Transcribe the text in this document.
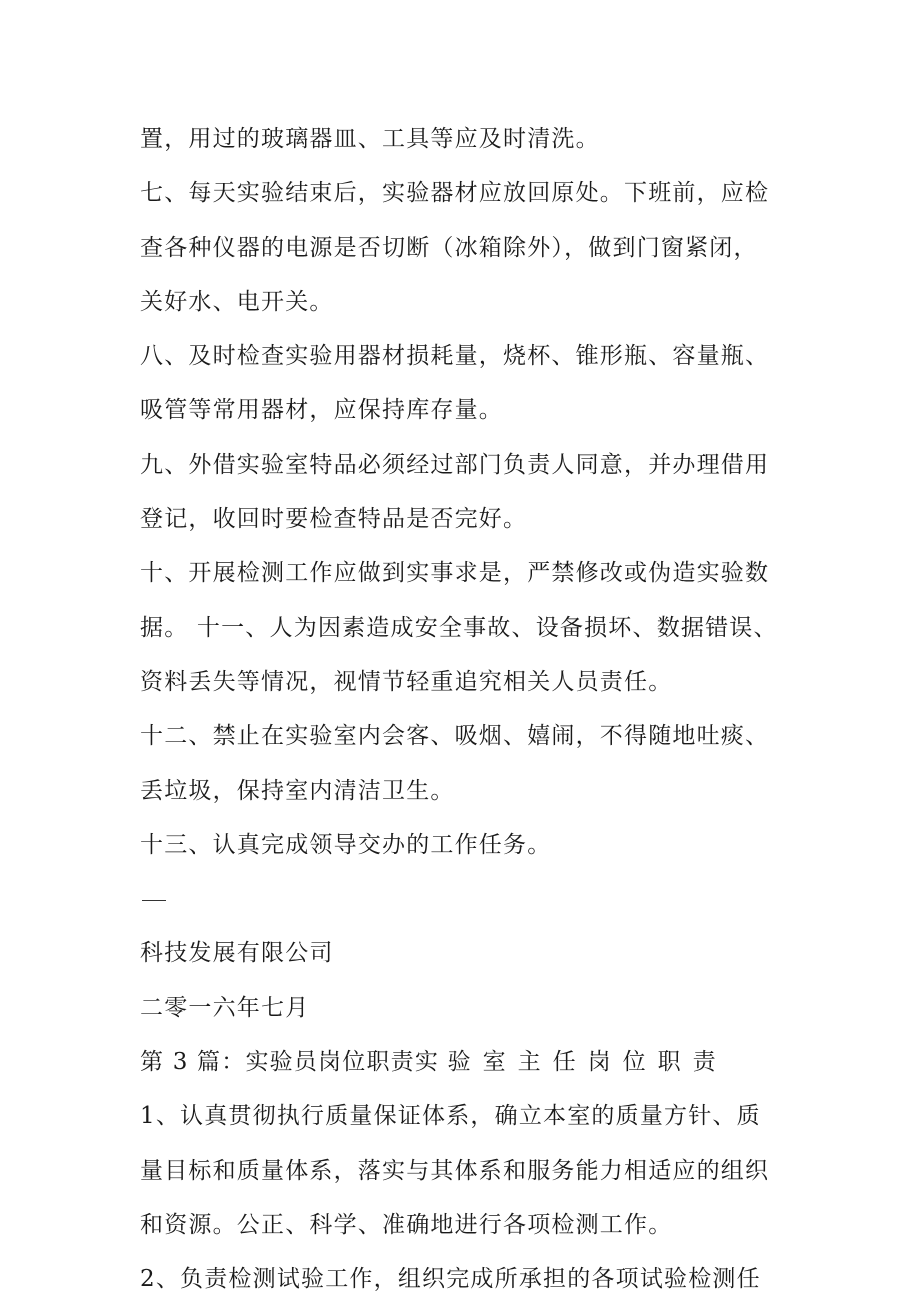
置，用过的玻璃器皿、工具等应及时清洗。
七、每天实验结束后，实验器材应放回原处。下班前，应检
查各种仪器的电源是否切断（冰箱除外），做到门窗紧闭，
关好水、电开关。
八、及时检查实验用器材损耗量，烧杯、锥形瓶、容量瓶、
吸管等常用器材，应保持库存量。
九、外借实验室特品必须经过部门负责人同意，并办理借用
登记，收回时要检查特品是否完好。
十、开展检测工作应做到实事求是，严禁修改或伪造实验数
据。 十一、人为因素造成安全事故、设备损坏、数据错误、
资料丢失等情况，视情节轻重追究相关人员责任。
十二、禁止在实验室内会客、吸烟、嬉闹，不得随地吐痰、
丢垃圾，保持室内清洁卫生。
十三、认真完成领导交办的工作任务。
科技发展有限公司
二零一六年七月
第 3 篇：实验员岗位职责实 验室主任岗位职责
1、认真贯彻执行质量保证体系，确立本室的质量方针、质
量目标和质量体系，落实与其体系和服务能力相适应的组织
和资源。公正、科学、准确地进行各项检测工作。
2、负责检测试验工作，组织完成所承担的各项试验检测任
